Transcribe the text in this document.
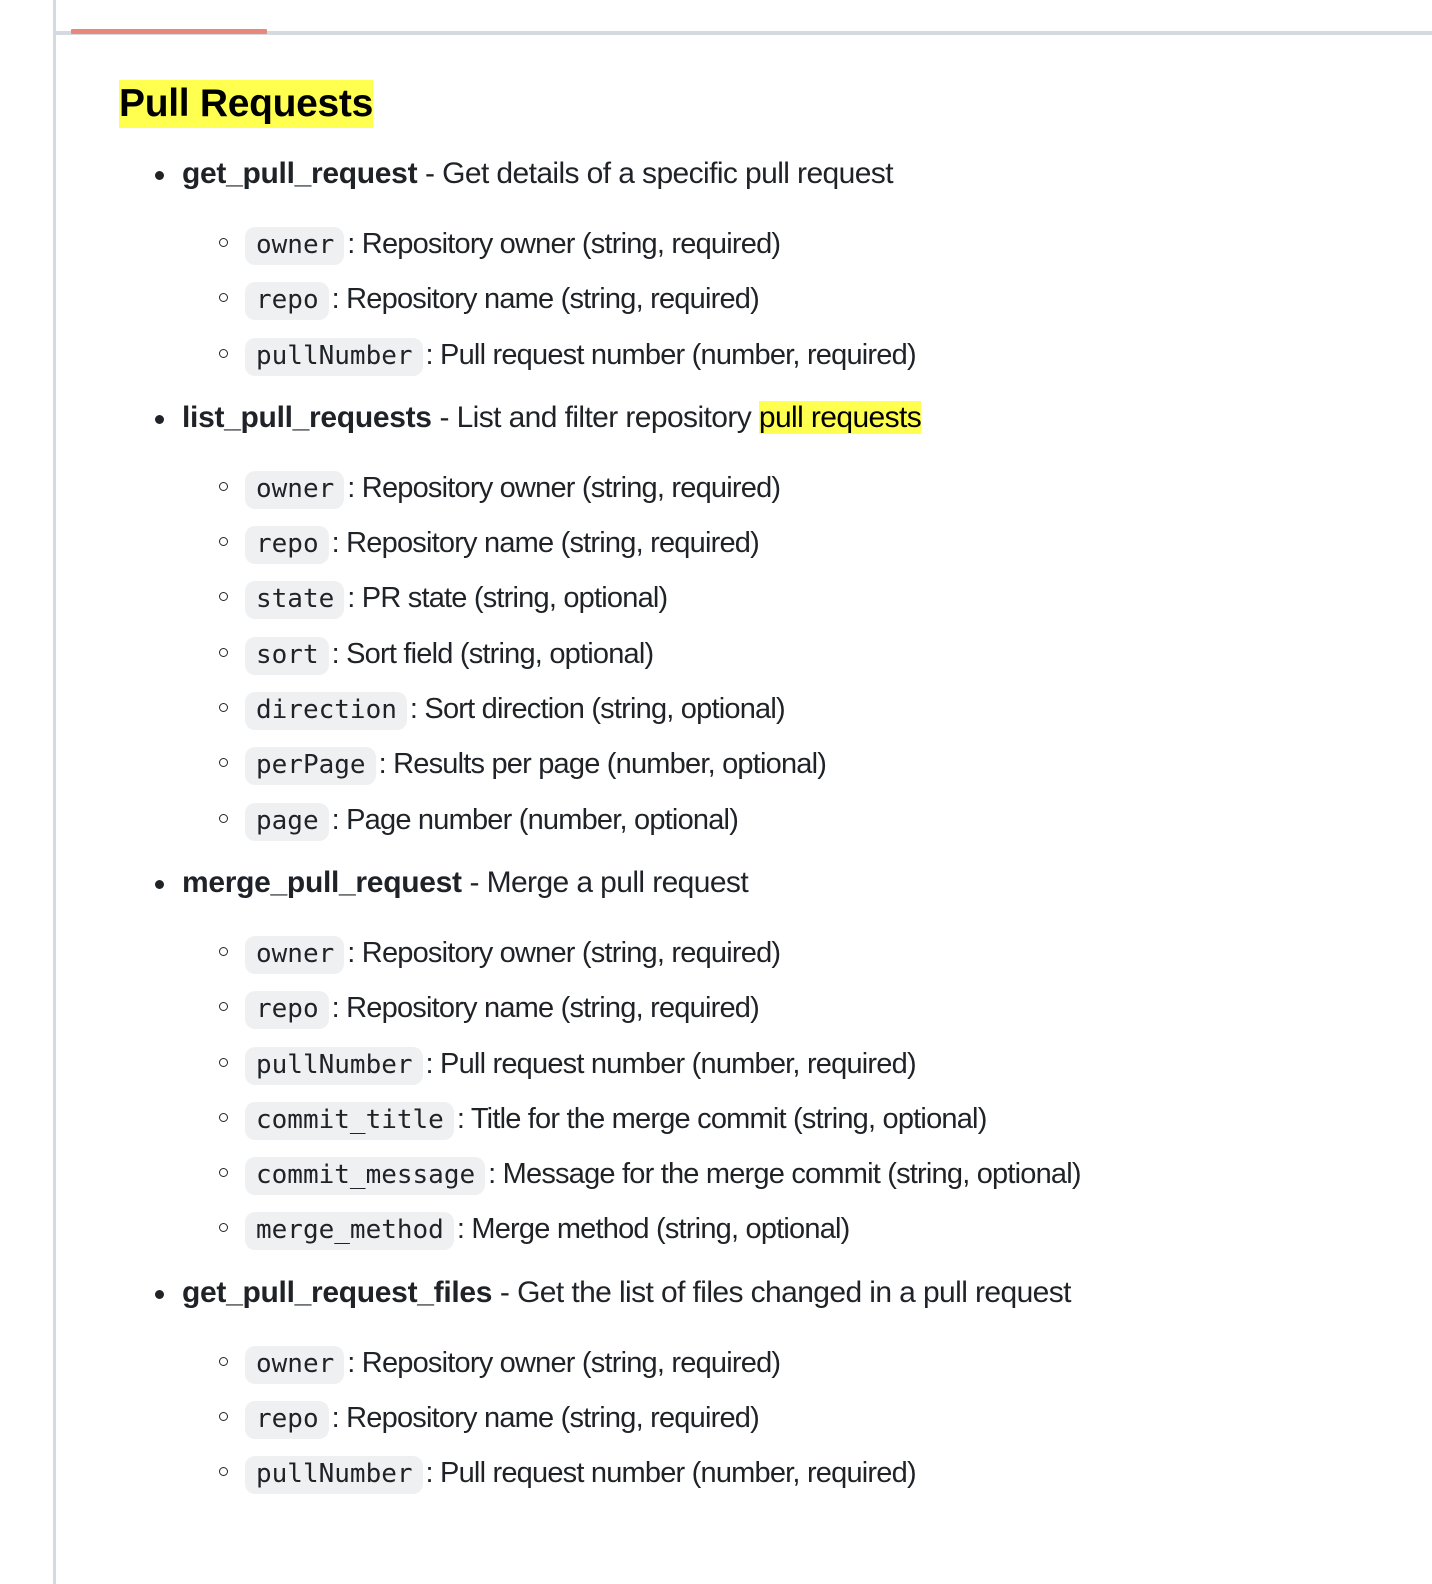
Pull Requests
get_pull_request - Get details of a specific pull request
owner : Repository owner (string, required)
repo : Repository name (string, required)
pullNumber : Pull request number (number, required)
list_pull_requests - List and filter repository pull requests
owner : Repository owner (string, required)
repo : Repository name (string, required)
state : PR state (string, optional)
sort : Sort field (string, optional)
direction : Sort direction (string, optional)
perPage : Results per page (number, optional)
page : Page number (number, optional)
merge_pull_request - Merge a pull request
owner : Repository owner (string, required)
repo : Repository name (string, required)
pullNumber : Pull request number (number, required)
commit_title : Title for the merge commit (string, optional)
commit_message : Message for the merge commit (string, optional)
merge_method : Merge method (string, optional)
get_pull_request_files - Get the list of files changed in a pull request
owner : Repository owner (string, required)
repo : Repository name (string, required)
pullNumber : Pull request number (number, required)
